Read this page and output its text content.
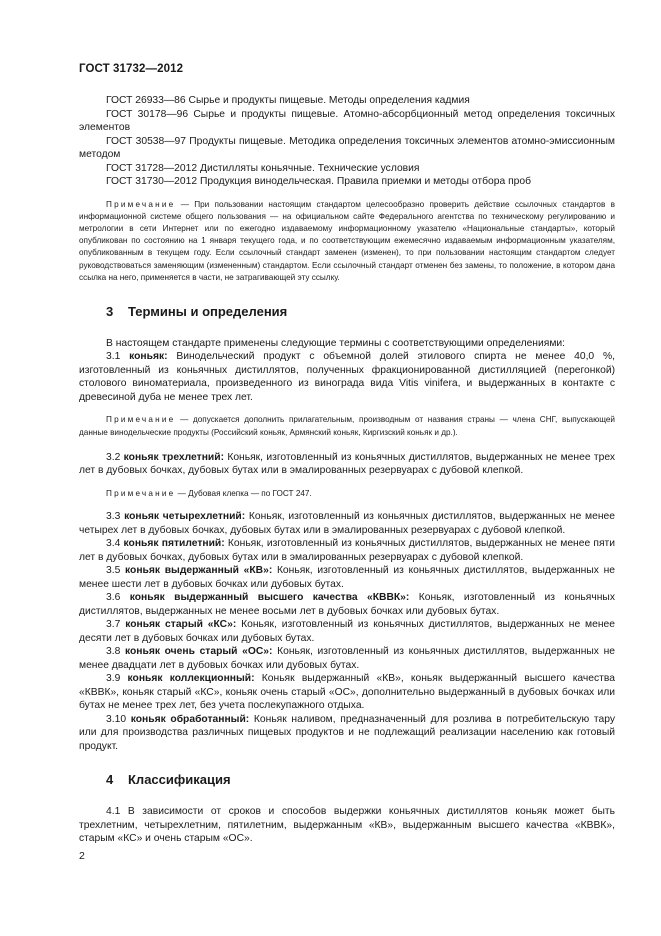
ГОСТ 31732—2012

ГОСТ 26933—86 Сырье и продукты пищевые. Методы определения кадмия

ГОСТ 30178—96 Сырье и продукты пищевые. Атомно-абсорбционный метод определения токсичных элементов

ГОСТ 30538—97 Продукты пищевые. Методика определения токсичных элементов атомно-эмиссионным методом

ГОСТ 31728—2012 Дистилляты коньячные. Технические условия

ГОСТ 31730—2012 Продукция винодельческая. Правила приемки и методы отбора проб

Примечание — При пользовании настоящим стандартом целесообразно проверить действие ссылочных стандартов в информационной системе общего пользования — на официальном сайте Федерального агентства по техническому регулированию и метрологии в сети Интернет или по ежегодно издаваемому информационному указателю «Национальные стандарты», который опубликован по состоянию на 1 января текущего года, и по соответствующим ежемесячно издаваемым информационным указателям, опубликованным в текущем году. Если ссылочный стандарт заменен (изменен), то при пользовании настоящим стандартом следует руководствоваться заменяющим (измененным) стандартом. Если ссылочный стандарт отменен без замены, то положение, в котором дана ссылка на него, применяется в части, не затрагивающей эту ссылку.

3 Термины и определения

В настоящем стандарте применены следующие термины с соответствующими определениями:

3.1 коньяк: Винодельческий продукт с объемной долей этилового спирта не менее 40,0 %, изготовленный из коньячных дистиллятов, полученных фракционированной дистилляцией (перегонкой) столового виноматериала, произведенного из винограда вида Vitis vinifera, и выдержанных в контакте с древесиной дуба не менее трех лет.

Примечание — допускается дополнить прилагательным, производным от названия страны — члена СНГ, выпускающей данные винодельческие продукты (Российский коньяк, Армянский коньяк, Киргизский коньяк и др.).

3.2 коньяк трехлетний: Коньяк, изготовленный из коньячных дистиллятов, выдержанных не менее трех лет в дубовых бочках, дубовых бутах или в эмалированных резервуарах с дубовой клепкой.

Примечание — Дубовая клепка — по ГОСТ 247.

3.3 коньяк четырехлетний: Коньяк, изготовленный из коньячных дистиллятов, выдержанных не менее четырех лет в дубовых бочках, дубовых бутах или в эмалированных резервуарах с дубовой клепкой.

3.4 коньяк пятилетний: Коньяк, изготовленный из коньячных дистиллятов, выдержанных не менее пяти лет в дубовых бочках, дубовых бутах или в эмалированных резервуарах с дубовой клепкой.

3.5 коньяк выдержанный «КВ»: Коньяк, изготовленный из коньячных дистиллятов, выдержанных не менее шести лет в дубовых бочках или дубовых бутах.

3.6 коньяк выдержанный высшего качества «КВВК»: Коньяк, изготовленный из коньячных дистиллятов, выдержанных не менее восьми лет в дубовых бочках или дубовых бутах.

3.7 коньяк старый «КС»: Коньяк, изготовленный из коньячных дистиллятов, выдержанных не менее десяти лет в дубовых бочках или дубовых бутах.

3.8 коньяк очень старый «ОС»: Коньяк, изготовленный из коньячных дистиллятов, выдержанных не менее двадцати лет в дубовых бочках или дубовых бутах.

3.9 коньяк коллекционный: Коньяк выдержанный «КВ», коньяк выдержанный высшего качества «КВВК», коньяк старый «КС», коньяк очень старый «ОС», дополнительно выдержанный в дубовых бочках или бутах не менее трех лет, без учета послекупажного отдыха.

3.10 коньяк обработанный: Коньяк наливом, предназначенный для розлива в потребительскую тару или для производства различных пищевых продуктов и не подлежащий реализации населению как готовый продукт.

4 Классификация

4.1 В зависимости от сроков и способов выдержки коньячных дистиллятов коньяк может быть трехлетним, четырехлетним, пятилетним, выдержанным «КВ», выдержанным высшего качества «КВВК», старым «КС» и очень старым «ОС».

2
